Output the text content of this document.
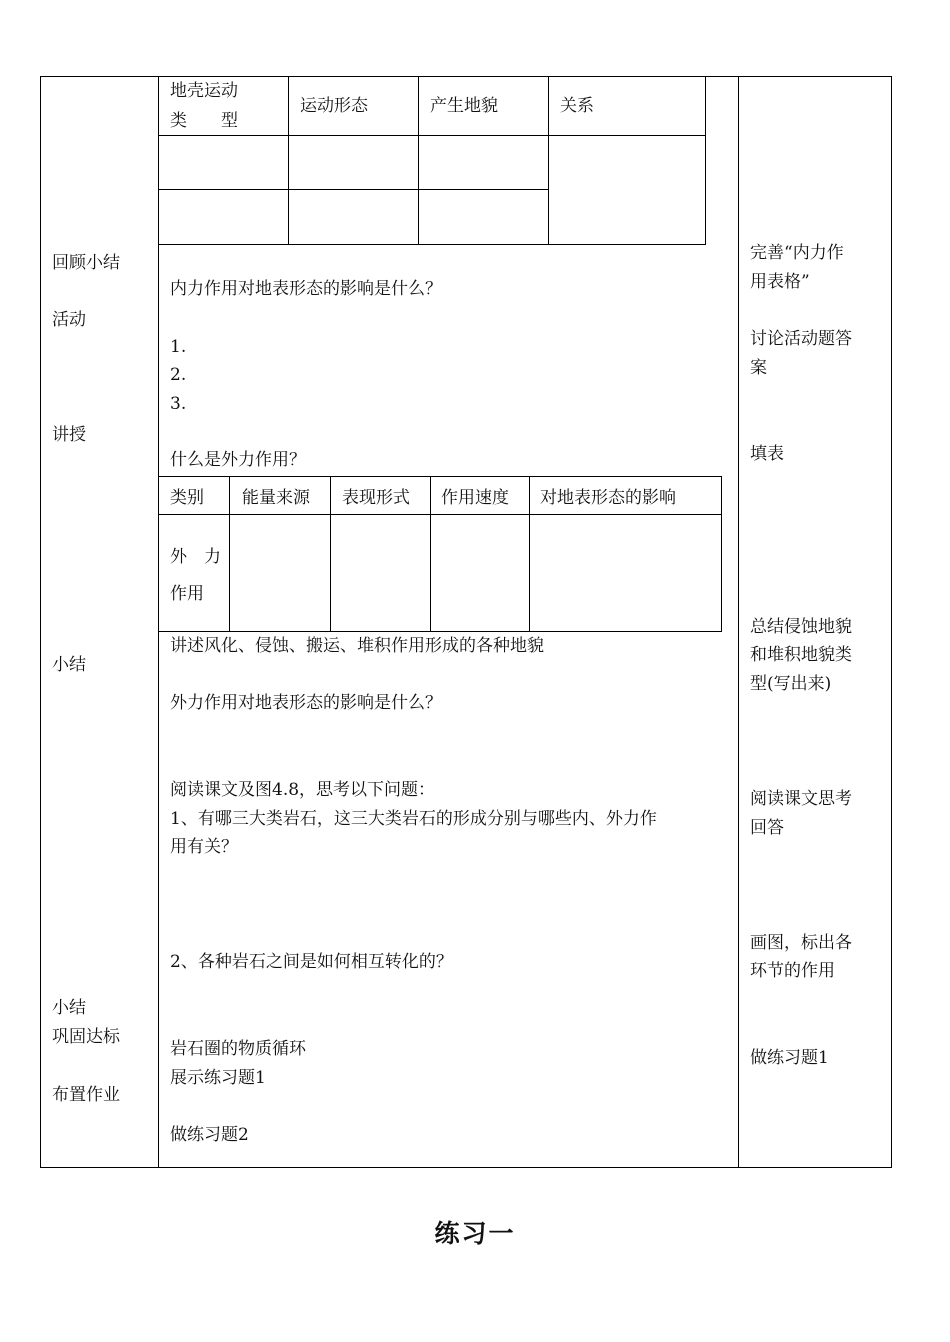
地壳运动
类　　型
运动形态	产生地貌	关系
类别 能量来源 表现形式 作用速度 对地表形态的影响
外　力
作用
回顾小结
活动
讲授
小结
小结
巩固达标
布置作业
内力作用对地表形态的影响是什么？
1.
2.
3.
什么是外力作用？
讲述风化、侵蚀、搬运、堆积作用形成的各种地貌
外力作用对地表形态的影响是什么？
阅读课文及图4.8，思考以下问题：
1、有哪三大类岩石，这三大类岩石的形成分别与哪些内、外力作
用有关？
2、各种岩石之间是如何相互转化的？
岩石圈的物质循环
展示练习题1
做练习题2
完善“内力作
用表格”
讨论活动题答
案
填表
总结侵蚀地貌
和堆积地貌类
型(写出来)
阅读课文思考
回答
画图，标出各
环节的作用
做练习题1
练习一
